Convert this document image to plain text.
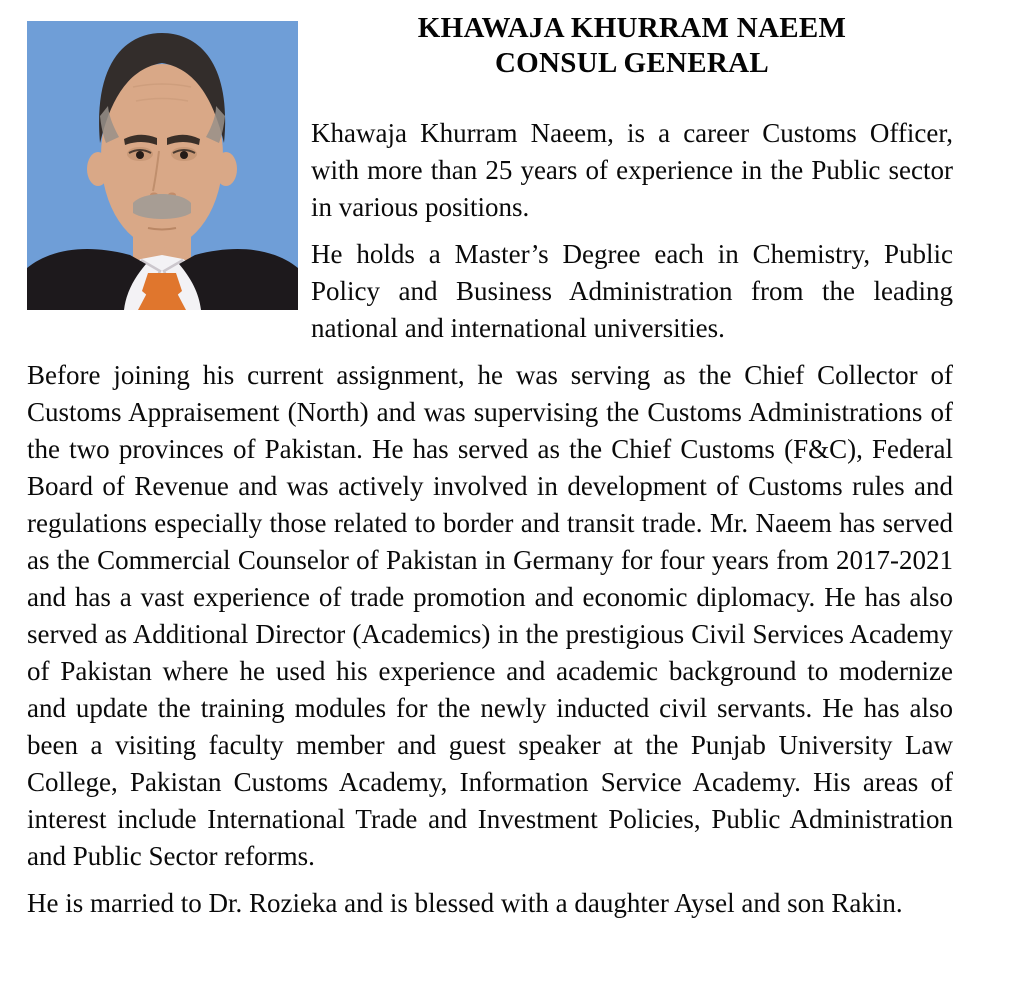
KHAWAJA KHURRAM NAEEM
CONSUL GENERAL

Khawaja Khurram Naeem, is a career Customs Officer, with more than 25 years of experience in the Public sector in various positions.

He holds a Master’s Degree each in Chemistry, Public Policy and Business Administration from the leading national and international universities.

Before joining his current assignment, he was serving as the Chief Collector of Customs Appraisement (North) and was supervising the Customs Administrations of the two provinces of Pakistan. He has served as the Chief Customs (F&C), Federal Board of Revenue and was actively involved in development of Customs rules and regulations especially those related to border and transit trade. Mr. Naeem has served as the Commercial Counselor of Pakistan in Germany for four years from 2017-2021 and has a vast experience of trade promotion and economic diplomacy. He has also served as Additional Director (Academics) in the prestigious Civil Services Academy of Pakistan where he used his experience and academic background to modernize and update the training modules for the newly inducted civil servants. He has also been a visiting faculty member and guest speaker at the Punjab University Law College, Pakistan Customs Academy, Information Service Academy. His areas of interest include International Trade and Investment Policies, Public Administration and Public Sector reforms.

He is married to Dr. Rozieka and is blessed with a daughter Aysel and son Rakin.
